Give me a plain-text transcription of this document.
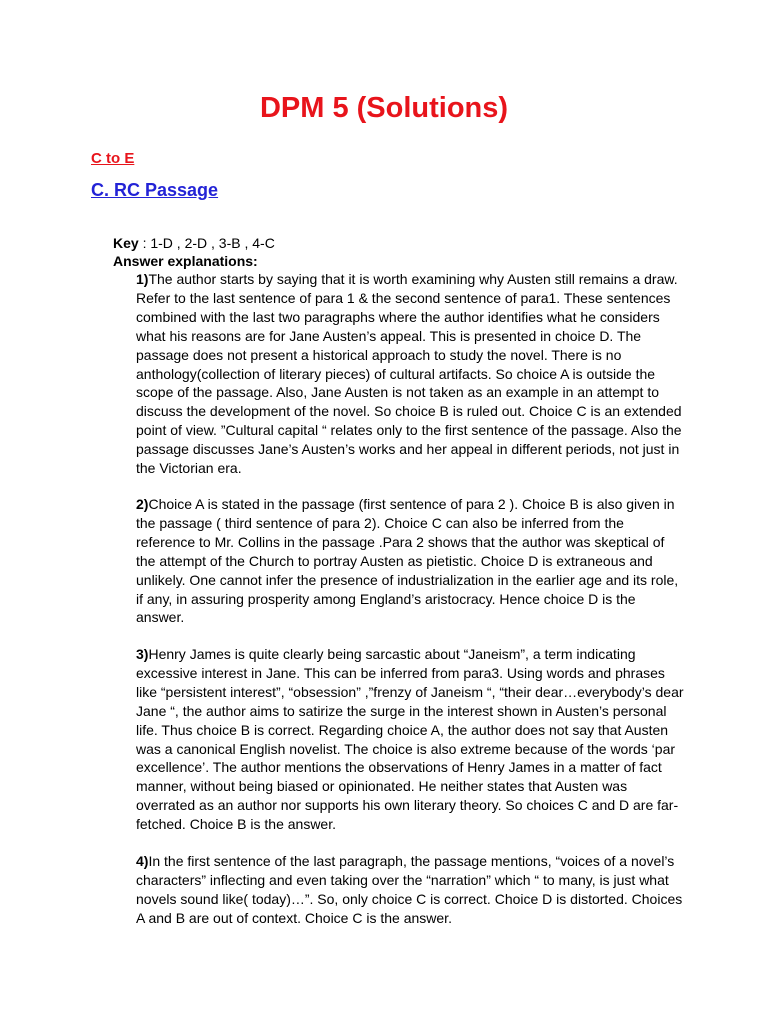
DPM 5 (Solutions)

C to E

C. RC Passage

Key : 1-D , 2-D , 3-B , 4-C

Answer explanations:

1)The author starts by saying that it is worth examining why Austen still remains a draw.
Refer to the last sentence of para 1 & the second sentence of para1. These sentences
combined with the last two paragraphs where the author identifies what he considers
what his reasons are for Jane Austen’s appeal. This is presented in choice D. The
passage does not present a historical approach to study the novel. There is no
anthology(collection of literary pieces) of cultural artifacts. So choice A is outside the
scope of the passage. Also, Jane Austen is not taken as an example in an attempt to
discuss the development of the novel. So choice B is ruled out. Choice C is an extended
point of view. ”Cultural capital “ relates only to the first sentence of the passage. Also the
passage discusses Jane’s Austen’s works and her appeal in different periods, not just in
the Victorian era.

2)Choice A is stated in the passage (first sentence of para 2 ). Choice B is also given in
the passage ( third sentence of para 2). Choice C can also be inferred from the
reference to Mr. Collins in the passage .Para 2 shows that the author was skeptical of
the attempt of the Church to portray Austen as pietistic. Choice D is extraneous and
unlikely. One cannot infer the presence of industrialization in the earlier age and its role,
if any, in assuring prosperity among England’s aristocracy. Hence choice D is the
answer.

3)Henry James is quite clearly being sarcastic about “Janeism”, a term indicating
excessive interest in Jane. This can be inferred from para3. Using words and phrases
like “persistent interest”, “obsession” ,”frenzy of Janeism “, “their dear…everybody’s dear
Jane “, the author aims to satirize the surge in the interest shown in Austen’s personal
life. Thus choice B is correct. Regarding choice A, the author does not say that Austen
was a canonical English novelist. The choice is also extreme because of the words ‘par
excellence’. The author mentions the observations of Henry James in a matter of fact
manner, without being biased or opinionated. He neither states that Austen was
overrated as an author nor supports his own literary theory. So choices C and D are far-
fetched. Choice B is the answer.

4)In the first sentence of the last paragraph, the passage mentions, “voices of a novel’s
characters” inflecting and even taking over the “narration” which “ to many, is just what
novels sound like( today)…”. So, only choice C is correct. Choice D is distorted. Choices
A and B are out of context. Choice C is the answer.
